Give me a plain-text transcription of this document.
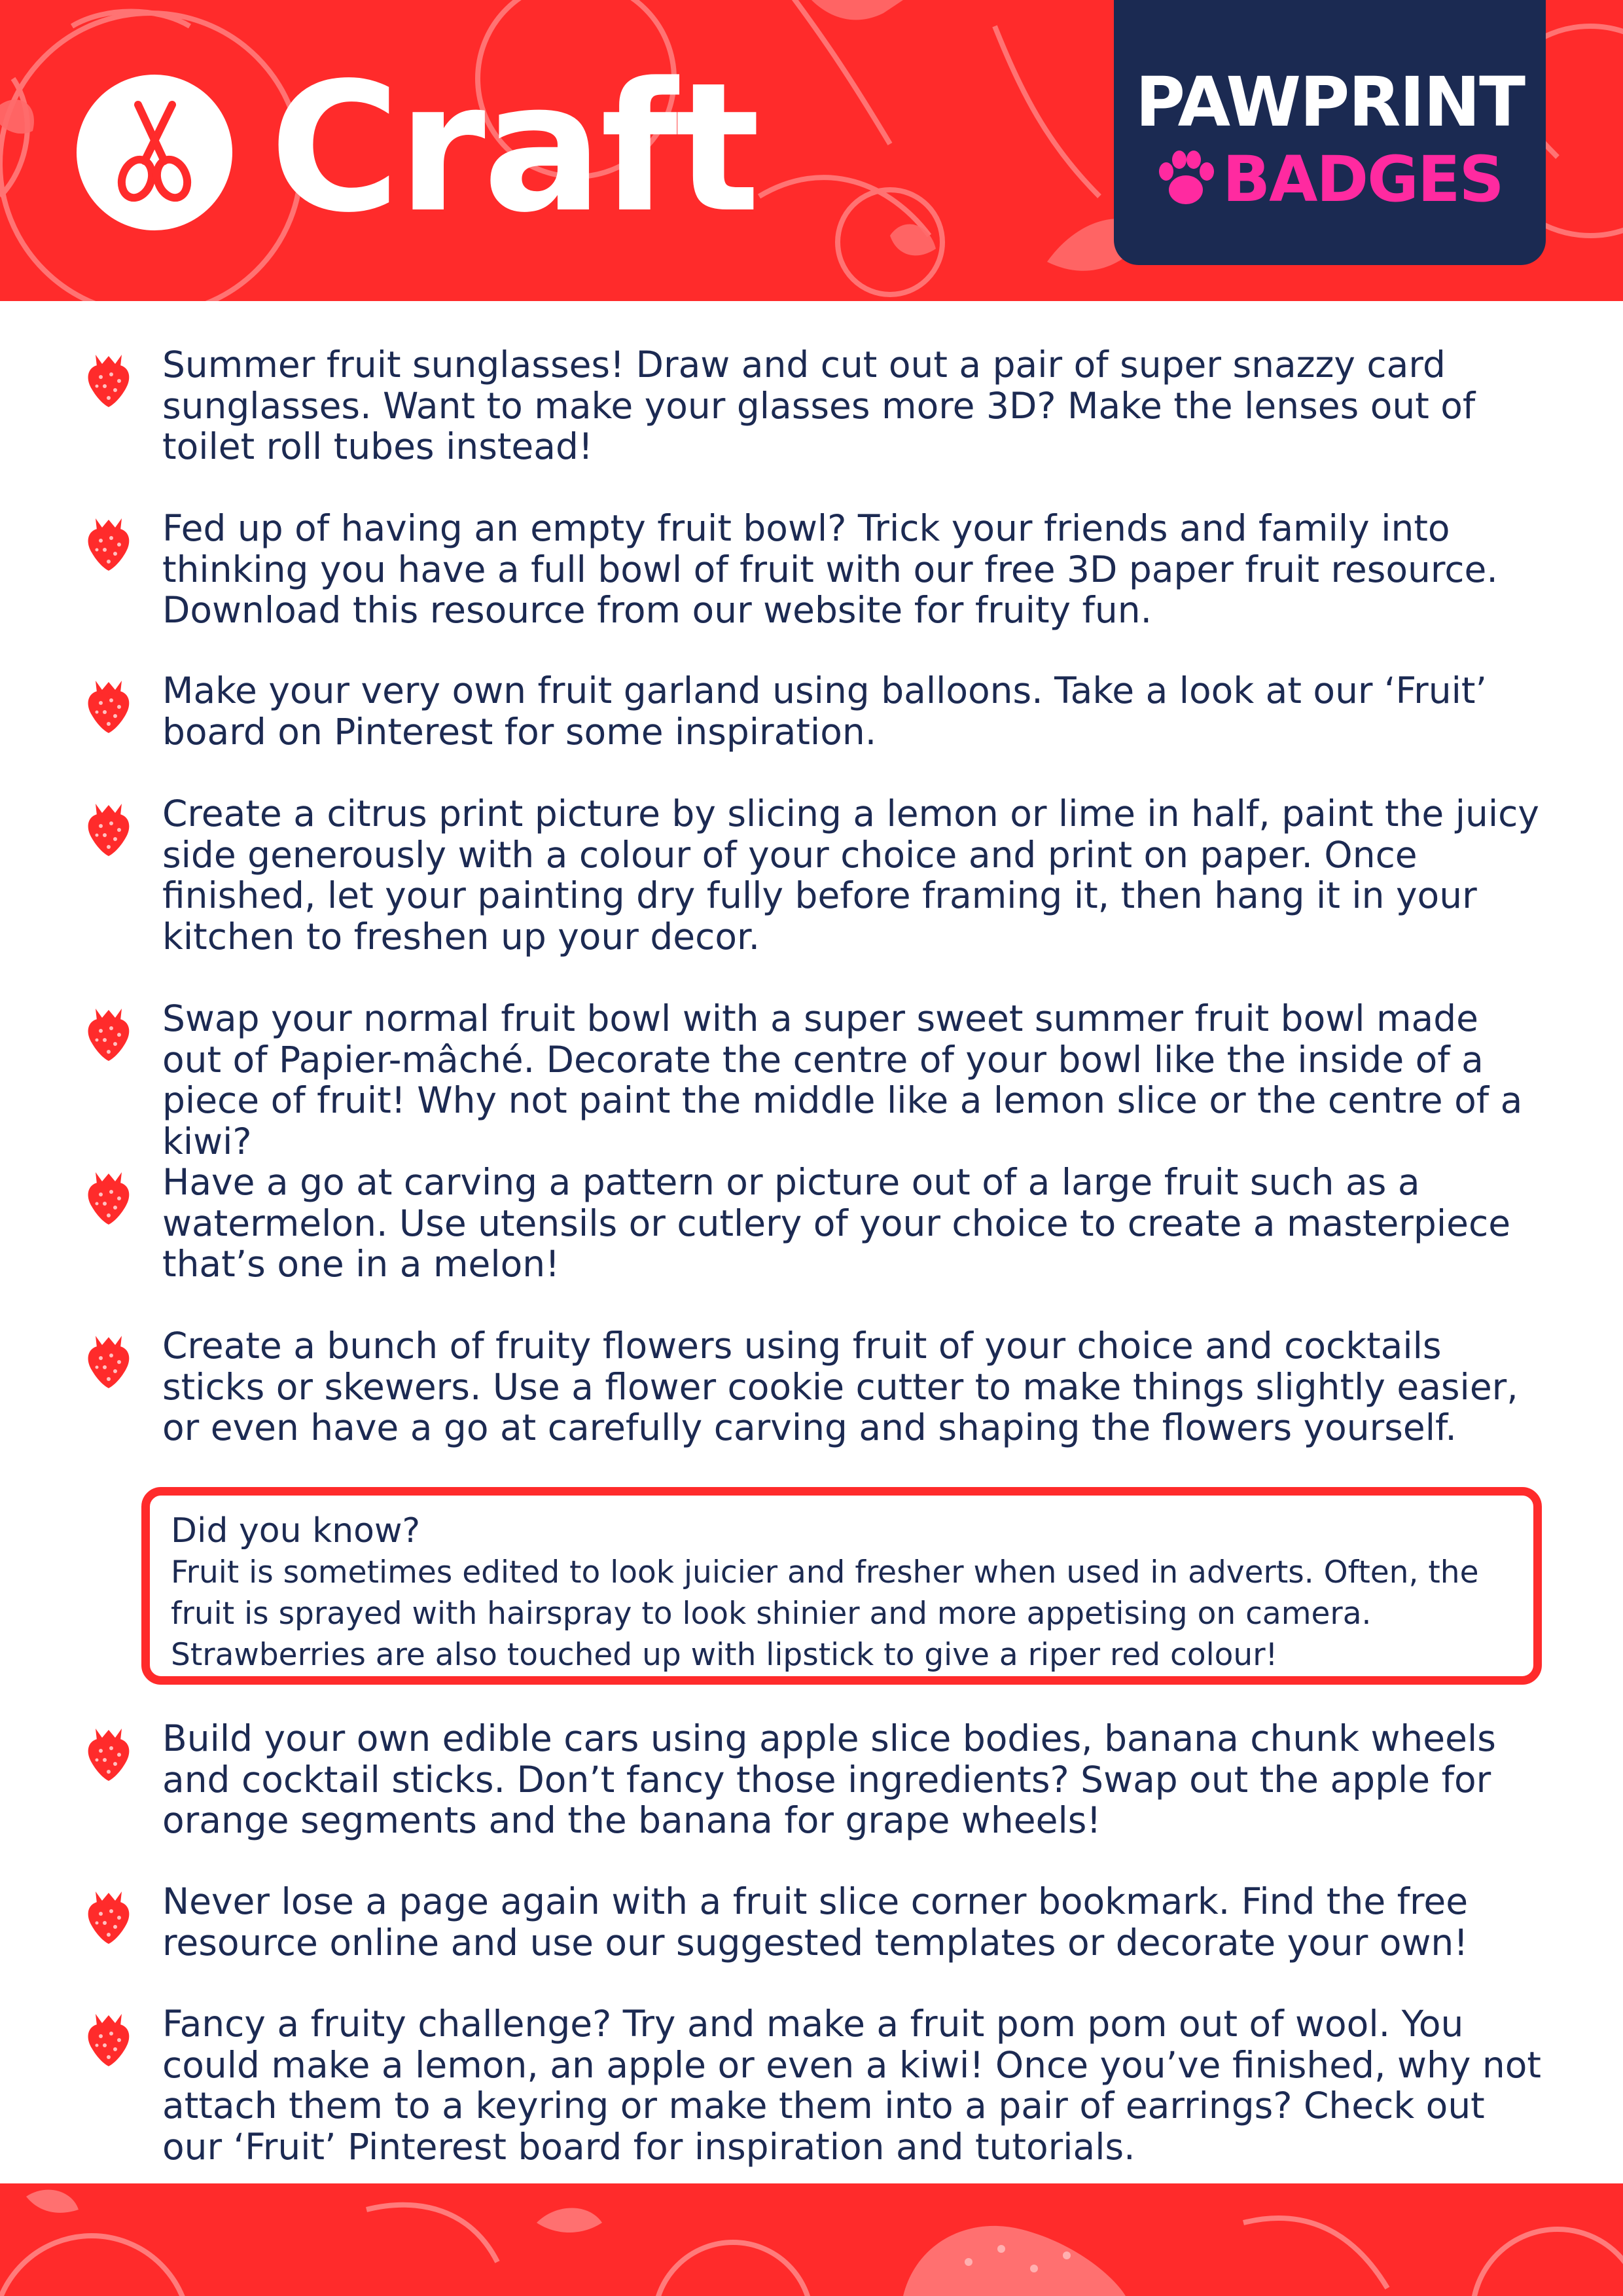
Craft	PAWPRINT
BADGES
Summer fruit sunglasses! Draw and cut out a pair of super snazzy card sunglasses. Want to make your glasses more 3D? Make the lenses out of toilet roll tubes instead!
Fed up of having an empty fruit bowl? Trick your friends and family into thinking you have a full bowl of fruit with our free 3D paper fruit resource. Download this resource from our website for fruity fun.
Make your very own fruit garland using balloons. Take a look at our ‘Fruit’ board on Pinterest for some inspiration.
Create a citrus print picture by slicing a lemon or lime in half, paint the juicy side generously with a colour of your choice and print on paper. Once finished, let your painting dry fully before framing it, then hang it in your kitchen to freshen up your decor.
Swap your normal fruit bowl with a super sweet summer fruit bowl made out of Papier-mâché. Decorate the centre of your bowl like the inside of a piece of fruit! Why not paint the middle like a lemon slice or the centre of a kiwi?
Have a go at carving a pattern or picture out of a large fruit such as a watermelon. Use utensils or cutlery of your choice to create a masterpiece that’s one in a melon!
Create a bunch of fruity flowers using fruit of your choice and cocktails sticks or skewers. Use a flower cookie cutter to make things slightly easier, or even have a go at carefully carving and shaping the flowers yourself.
Did you know?
Fruit is sometimes edited to look juicier and fresher when used in adverts. Often, the fruit is sprayed with hairspray to look shinier and more appetising on camera. Strawberries are also touched up with lipstick to give a riper red colour!
Build your own edible cars using apple slice bodies, banana chunk wheels and cocktail sticks. Don’t fancy those ingredients? Swap out the apple for orange segments and the banana for grape wheels!
Never lose a page again with a fruit slice corner bookmark. Find the free resource online and use our suggested templates or decorate your own!
Fancy a fruity challenge? Try and make a fruit pom pom out of wool. You could make a lemon, an apple or even a kiwi! Once you’ve finished, why not attach them to a keyring or make them into a pair of earrings? Check out our ‘Fruit’ Pinterest board for inspiration and tutorials.
